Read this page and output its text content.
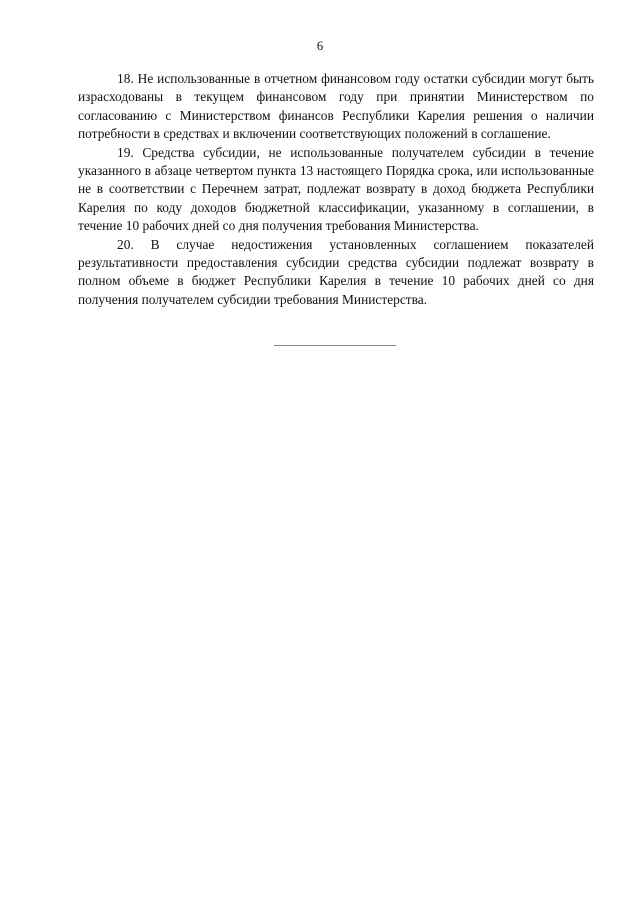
6

18. Не использованные в отчетном финансовом году остатки субсидии могут быть израсходованы в текущем финансовом году при принятии Министерством по согласованию с Министерством финансов Республики Карелия решения о наличии потребности в средствах и включении соответствующих положений в соглашение.

19. Средства субсидии, не использованные получателем субсидии в течение указанного в абзаце четвертом пункта 13 настоящего Порядка срока, или использованные не в соответствии с Перечнем затрат, подлежат возврату в доход бюджета Республики Карелия по коду доходов бюджетной классификации, указанному в соглашении, в течение 10 рабочих дней со дня получения требования Министерства.

20. В случае недостижения установленных соглашением показателей результативности предоставления субсидии средства субсидии подлежат возврату в полном объеме в бюджет Республики Карелия в течение 10 рабочих дней со дня получения получателем субсидии требования Министерства.
